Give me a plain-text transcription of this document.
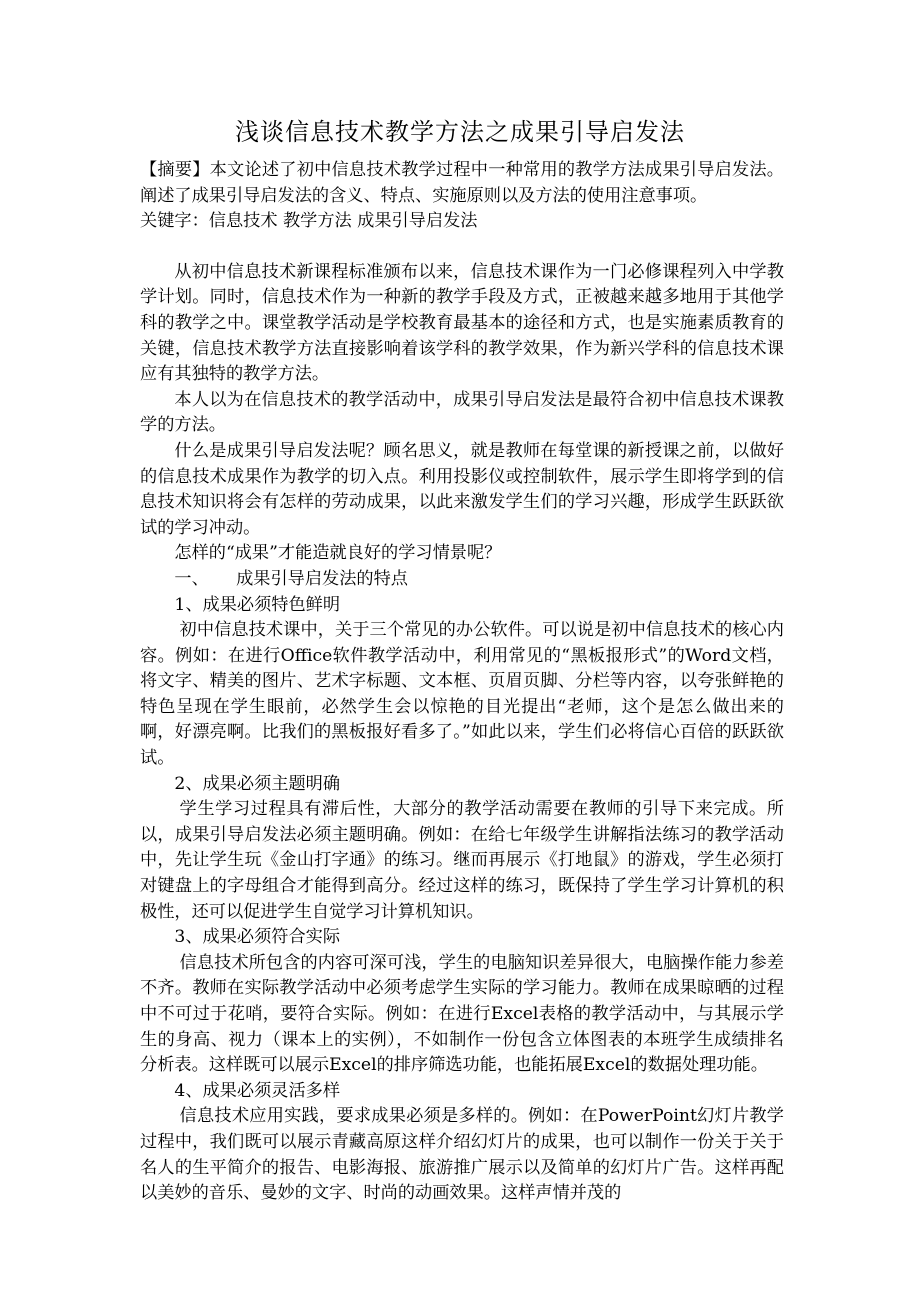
浅谈信息技术教学方法之成果引导启发法

【摘要】本文论述了初中信息技术教学过程中一种常用的教学方法成果引导启发法。阐述了成果引导启发法的含义、特点、实施原则以及方法的使用注意事项。

关键字：信息技术 教学方法 成果引导启发法

从初中信息技术新课程标准颁布以来，信息技术课作为一门必修课程列入中学教学计划。同时，信息技术作为一种新的教学手段及方式，正被越来越多地用于其他学科的教学之中。课堂教学活动是学校教育最基本的途径和方式，也是实施素质教育的关键，信息技术教学方法直接影响着该学科的教学效果，作为新兴学科的信息技术课应有其独特的教学方法。

本人以为在信息技术的教学活动中，成果引导启发法是最符合初中信息技术课教学的方法。

什么是成果引导启发法呢？顾名思义，就是教师在每堂课的新授课之前，以做好的信息技术成果作为教学的切入点。利用投影仪或控制软件，展示学生即将学到的信息技术知识将会有怎样的劳动成果，以此来激发学生们的学习兴趣，形成学生跃跃欲试的学习冲动。

怎样的“成果”才能造就良好的学习情景呢？

一、     成果引导启发法的特点

1、成果必须特色鲜明

初中信息技术课中，关于三个常见的办公软件。可以说是初中信息技术的核心内容。例如：在进行Office软件教学活动中，利用常见的“黑板报形式”的Word文档，将文字、精美的图片、艺术字标题、文本框、页眉页脚、分栏等内容，以夸张鲜艳的特色呈现在学生眼前，必然学生会以惊艳的目光提出“老师，这个是怎么做出来的啊，好漂亮啊。比我们的黑板报好看多了。”如此以来，学生们必将信心百倍的跃跃欲试。

2、成果必须主题明确

学生学习过程具有滞后性，大部分的教学活动需要在教师的引导下来完成。所以，成果引导启发法必须主题明确。例如：在给七年级学生讲解指法练习的教学活动中，先让学生玩《金山打字通》的练习。继而再展示《打地鼠》的游戏，学生必须打对键盘上的字母组合才能得到高分。经过这样的练习，既保持了学生学习计算机的积极性，还可以促进学生自觉学习计算机知识。

3、成果必须符合实际

信息技术所包含的内容可深可浅，学生的电脑知识差异很大，电脑操作能力参差不齐。教师在实际教学活动中必须考虑学生实际的学习能力。教师在成果晾晒的过程中不可过于花哨，要符合实际。例如：在进行Excel表格的教学活动中，与其展示学生的身高、视力（课本上的实例），不如制作一份包含立体图表的本班学生成绩排名分析表。这样既可以展示Excel的排序筛选功能，也能拓展Excel的数据处理功能。

4、成果必须灵活多样

信息技术应用实践，要求成果必须是多样的。例如：在PowerPoint幻灯片教学过程中，我们既可以展示青藏高原这样介绍幻灯片的成果，也可以制作一份关于关于名人的生平简介的报告、电影海报、旅游推广展示以及简单的幻灯片广告。这样再配以美妙的音乐、曼妙的文字、时尚的动画效果。这样声情并茂的
